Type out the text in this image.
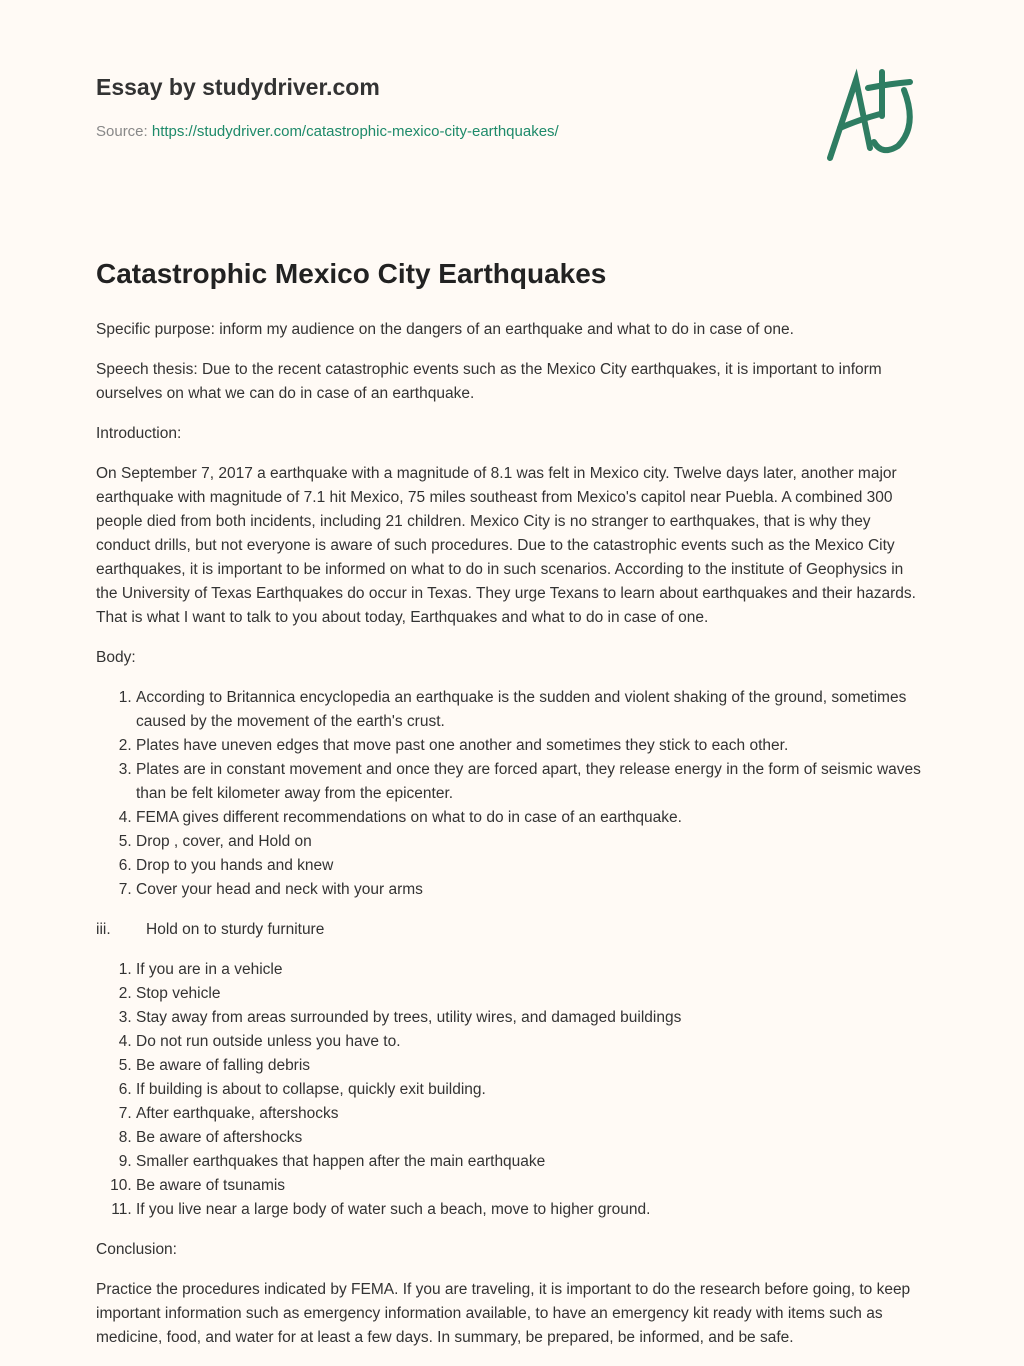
Essay by studydriver.com
Source: https://studydriver.com/catastrophic-mexico-city-earthquakes/
Catastrophic Mexico City Earthquakes

Specific purpose: inform my audience on the dangers of an earthquake and what to do in case of one.

Speech thesis: Due to the recent catastrophic events such as the Mexico City earthquakes, it is important to inform ourselves on what we can do in case of an earthquake.

Introduction:

On September 7, 2017 a earthquake with a magnitude of 8.1 was felt in Mexico city. Twelve days later, another major earthquake with magnitude of 7.1 hit Mexico, 75 miles southeast from Mexico's capitol near Puebla. A combined 300 people died from both incidents, including 21 children. Mexico City is no stranger to earthquakes, that is why they conduct drills, but not everyone is aware of such procedures. Due to the catastrophic events such as the Mexico City earthquakes, it is important to be informed on what to do in such scenarios. According to the institute of Geophysics in the University of Texas Earthquakes do occur in Texas. They urge Texans to learn about earthquakes and their hazards. That is what I want to talk to you about today, Earthquakes and what to do in case of one.

Body:

1. According to Britannica encyclopedia an earthquake is the sudden and violent shaking of the ground, sometimes caused by the movement of the earth's crust.
2. Plates have uneven edges that move past one another and sometimes they stick to each other.
3. Plates are in constant movement and once they are forced apart, they release energy in the form of seismic waves than be felt kilometer away from the epicenter.
4. FEMA gives different recommendations on what to do in case of an earthquake.
5. Drop , cover, and Hold on
6. Drop to you hands and knew
7. Cover your head and neck with your arms
iii.	Hold on to sturdy furniture
1. If you are in a vehicle
2. Stop vehicle
3. Stay away from areas surrounded by trees, utility wires, and damaged buildings
4. Do not run outside unless you have to.
5. Be aware of falling debris
6. If building is about to collapse, quickly exit building.
7. After earthquake, aftershocks
8. Be aware of aftershocks
9. Smaller earthquakes that happen after the main earthquake
10. Be aware of tsunamis
11. If you live near a large body of water such a beach, move to higher ground.

Conclusion:

Practice the procedures indicated by FEMA. If you are traveling, it is important to do the research before going, to keep important information such as emergency information available, to have an emergency kit ready with items such as medicine, food, and water for at least a few days. In summary, be prepared, be informed, and be safe.
